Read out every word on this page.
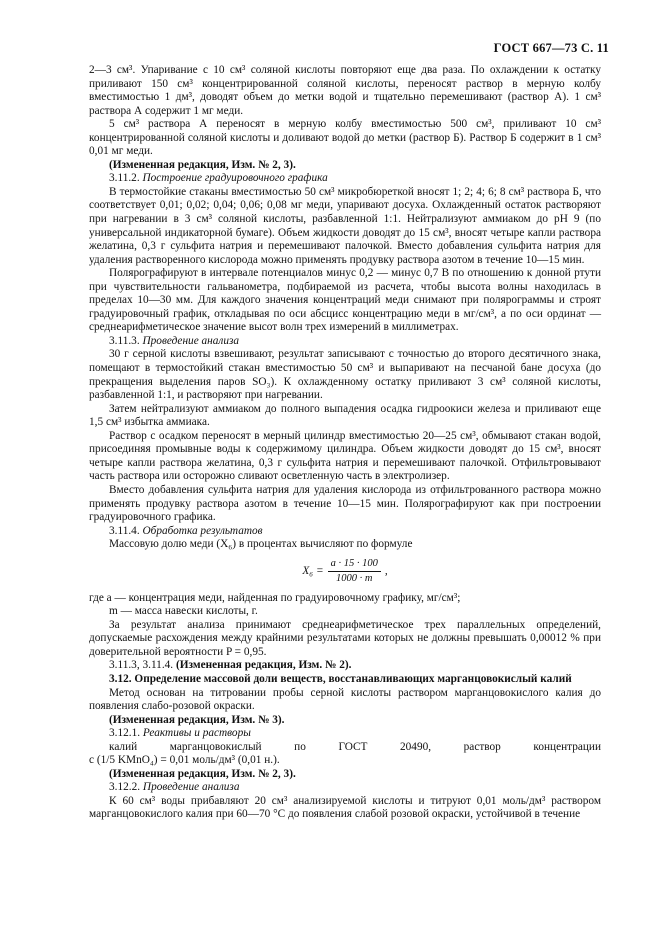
ГОСТ 667—73 С. 11

2—3 см³. Упаривание с 10 см³ соляной кислоты повторяют еще два раза. По охлаждении к остатку приливают 150 см³ концентрированной соляной кислоты, переносят раствор в мерную колбу вместимостью 1 дм³, доводят объем до метки водой и тщательно перемешивают (раствор А). 1 см³ раствора А содержит 1 мг меди.

5 см³ раствора А переносят в мерную колбу вместимостью 500 см³, приливают 10 см³ концентрированной соляной кислоты и доливают водой до метки (раствор Б). Раствор Б содержит в 1 см³ 0,01 мг меди.

(Измененная редакция, Изм. № 2, 3).

3.11.2. Построение градуировочного графика

В термостойкие стаканы вместимостью 50 см³ микробюреткой вносят 1; 2; 4; 6; 8 см³ раствора Б, что соответствует 0,01; 0,02; 0,04; 0,06; 0,08 мг меди, упаривают досуха. Охлажденный остаток растворяют при нагревании в 3 см³ соляной кислоты, разбавленной 1:1. Нейтрализуют аммиаком до pH 9 (по универсальной индикаторной бумаге). Объем жидкости доводят до 15 см³, вносят четыре капли раствора желатина, 0,3 г сульфита натрия и перемешивают палочкой. Вместо добавления сульфита натрия для удаления растворенного кислорода можно применять продувку раствора азотом в течение 10—15 мин.

Полярографируют в интервале потенциалов минус 0,2 — минус 0,7 В по отношению к донной ртути при чувствительности гальванометра, подбираемой из расчета, чтобы высота волны находилась в пределах 10—30 мм. Для каждого значения концентраций меди снимают при полярограммы и строят градуировочный график, откладывая по оси абсцисс концентрацию меди в мг/см³, а по оси ординат — среднеарифметическое значение высот волн трех измерений в миллиметрах.

3.11.3. Проведение анализа

30 г серной кислоты взвешивают, результат записывают с точностью до второго десятичного знака, помещают в термостойкий стакан вместимостью 50 см³ и выпаривают на песчаной бане досуха (до прекращения выделения паров SO₃). К охлажденному остатку приливают 3 см³ соляной кислоты, разбавленной 1:1, и растворяют при нагревании.

Затем нейтрализуют аммиаком до полного выпадения осадка гидроокиси железа и приливают еще 1,5 см³ избытка аммиака.

Раствор с осадком переносят в мерный цилиндр вместимостью 20—25 см³, обмывают стакан водой, присоединяя промывные воды к содержимому цилиндра. Объем жидкости доводят до 15 см³, вносят четыре капли раствора желатина, 0,3 г сульфита натрия и перемешивают палочкой. Отфильтровывают часть раствора или осторожно сливают осветленную часть в электролизер.

Вместо добавления сульфита натрия для удаления кислорода из отфильтрованного раствора можно применять продувку раствора азотом в течение 10—15 мин. Полярографируют как при построении градуировочного графика.

3.11.4. Обработка результатов

Массовую долю меди (X₆) в процентах вычисляют по формуле

$X_6 = \frac{a \cdot 15 \cdot 100}{1000 \cdot m}$ ,

где a — концентрация меди, найденная по градуировочному графику, мг/см³;

m — масса навески кислоты, г.

За результат анализа принимают среднеарифметическое трех параллельных определений, допускаемые расхождения между крайними результатами которых не должны превышать 0,00012 % при доверительной вероятности P = 0,95.

3.11.3, 3.11.4. (Измененная редакция, Изм. № 2).

3.12. Определение массовой доли веществ, восстанавливающих марганцовокислый калий

Метод основан на титровании пробы серной кислоты раствором марганцовокислого калия до появления слабо-розовой окраски.

(Измененная редакция, Изм. № 3).

3.12.1. Реактивы и растворы

калий марганцовокислый по ГОСТ 20490, раствор концентрации

c (1/5 KMnO₄) = 0,01 моль/дм³ (0,01 н.).

(Измененная редакция, Изм. № 2, 3).

3.12.2. Проведение анализа

К 60 см³ воды прибавляют 20 см³ анализируемой кислоты и титруют 0,01 моль/дм³ раствором марганцовокислого калия при 60—70 °С до появления слабой розовой окраски, устойчивой в течение
